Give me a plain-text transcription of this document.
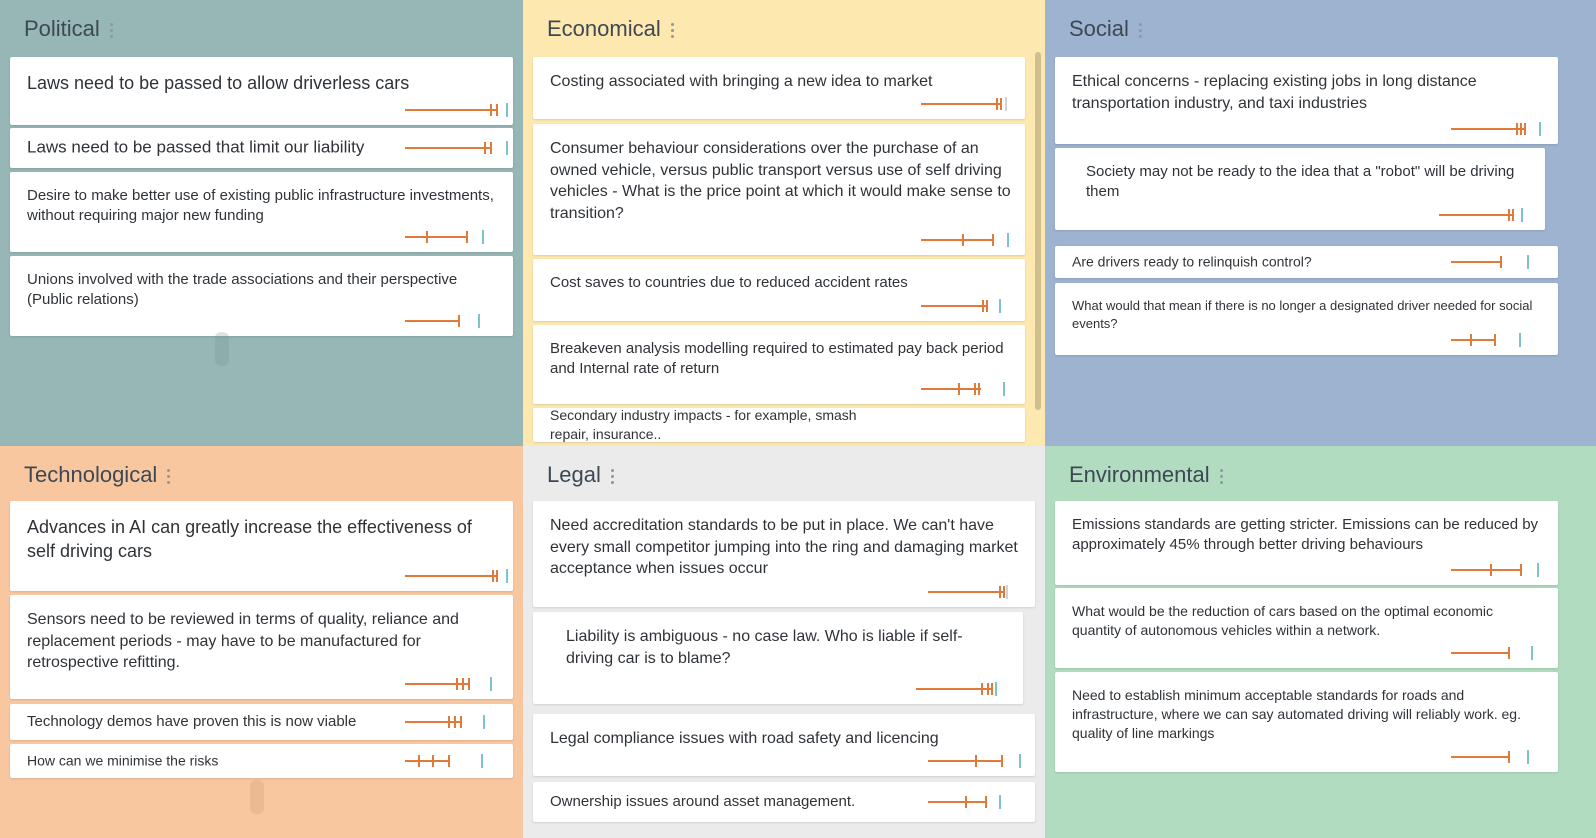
Political
Laws need to be passed to allow driverless cars
Laws need to be passed that limit our liability
Desire to make better use of existing public infrastructure investments, without requiring major new funding
Unions involved with the trade associations and their perspective (Public relations)
Economical
Costing associated with bringing a new idea to market
Consumer behaviour considerations over the purchase of an owned vehicle, versus public transport versus use of self driving vehicles - What is the price point at which it would make sense to transition?
Cost saves to countries due to reduced accident rates
Breakeven analysis modelling required to estimated pay back period and Internal rate of return
Secondary industry impacts - for example, smash repair, insurance..
Social
Ethical concerns - replacing existing jobs in long distance transportation industry, and taxi industries
Society may not be ready to the idea that a "robot" will be driving them
Are drivers ready to relinquish control?
What would that mean if there is no longer a designated driver needed for social events?
Technological
Advances in AI can greatly increase the effectiveness of self driving cars
Sensors need to be reviewed in terms of quality, reliance and replacement periods - may have to be manufactured for retrospective refitting.
Technology demos have proven this is now viable
How can we minimise the risks
Legal
Need accreditation standards to be put in place. We can't have every small competitor jumping into the ring and damaging market acceptance when issues occur
Liability is ambiguous - no case law. Who is liable if self-driving car is to blame?
Legal compliance issues with road safety and licencing
Ownership issues around asset management.
Environmental
Emissions standards are getting stricter. Emissions can be reduced by approximately 45% through better driving behaviours
What would be the reduction of cars based on the optimal economic quantity of autonomous vehicles within a network.
Need to establish minimum acceptable standards for roads and infrastructure, where we can say automated driving will reliably work. eg. quality of line markings
